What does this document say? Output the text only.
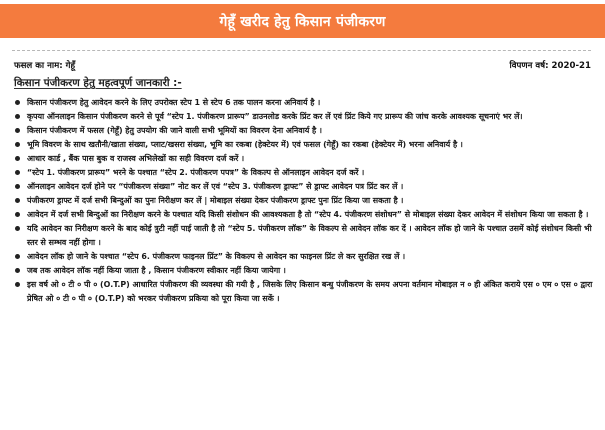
गेहूँ खरीद हेतु किसान पंजीकरण
फसल का नाम: गेहूँ	विपणन वर्ष: 2020-21
किसान पंजीकरण हेतु महत्वपूर्ण जानकारी :-
किसान पंजीकरण हेतु आवेदन करने के लिए उपरोक्त स्टेप 1 से स्टेप 6 तक पालन करना अनिवार्य है ।
कृपया ऑनलाइन किसान पंजीकरण करने से पूर्व “स्टेप 1. पंजीकरण प्रारूप” डाउनलोड करके प्रिंट कर लें एवं प्रिंट किये गए प्रारूप की जांच करके आवश्यक सूचनाएं भर लें।
किसान पंजीकरण में फसल (गेहूँ) हेतु उपयोग की जाने वाली सभी भूमियों का विवरण देना अनिवार्य है ।
भूमि विवरण के साथ खतौनी/खाता संख्या, प्लाट/खसरा संख्या, भूमि का रकबा (हेक्टेयर में) एवं फसल (गेहूँ) का रकबा (हेक्टेयर में) भरना अनिवार्य है ।
आधार कार्ड , बैंक पास बुक व राजस्व अभिलेखों का सही विवरण दर्ज करें ।
“स्टेप 1. पंजीकरण प्रारूप” भरने के पश्चात “स्टेप 2. पंजीकरण पपत्र” के विकल्प से ऑनलाइन आवेदन दर्ज करें ।
ऑनलाइन आवेदन दर्ज होने पर “पंजीकरण संख्या” नोट कर लें एवं “स्टेप 3. पंजीकरण ड्राफ्ट” से ड्राफ्ट आवेदन पत्र प्रिंट कर लें ।
पंजीकरण ड्राफ्ट में दर्ज सभी बिन्दुओं का पुनः निरीक्षण कर लें | मोबाइल संख्या देकर पंजीकरण ड्राफ्ट पुनः प्रिंट किया जा सकता है ।
आवेदन में दर्ज सभी बिन्दुओं का निरीक्षण करने के पश्चात यदि किसी संशोधन की आवश्यकता है तो “स्टेप 4. पंजीकरण संशोधन” से मोबाइल संख्या देकर आवेदन में संशोधन किया जा सकता है ।
यदि आवेदन का निरीक्षण करने के बाद कोई त्रुटी नहीं पाई जाती है तो “स्टेप 5. पंजीकरण लॉक” के विकल्प से आवेदन लॉक कर दें । आवेदन लॉक हो जाने के पश्चात उसमें कोई संशोधन किसी भी स्तर से सम्भव नहीं होगा ।
आवेदन लॉक हो जाने के पश्चात “स्टेप 6. पंजीकरण फाइनल प्रिंट” के विकल्प से आवेदन का फाइनल प्रिंट ले कर सुरक्षित रख लें ।
जब तक आवेदन लॉक नहीं किया जाता है , किसान पंजीकरण स्वीकार नहीं किया जायेगा ।
इस वर्ष ओ ० टी ० पी ० (O.T.P) आधारित पंजीकरण की व्यवस्था की गयी है , जिसके लिए किसान बन्धु पंजीकरण के समय अपना वर्तमान मोबाइल न ० ही अंकित कराये एस ० एम ० एस ० द्वारा प्रेषित ओ ० टी ० पी ० (O.T.P) को भरकर पंजीकरण प्रकिया को पूरा किया जा सकें ।
